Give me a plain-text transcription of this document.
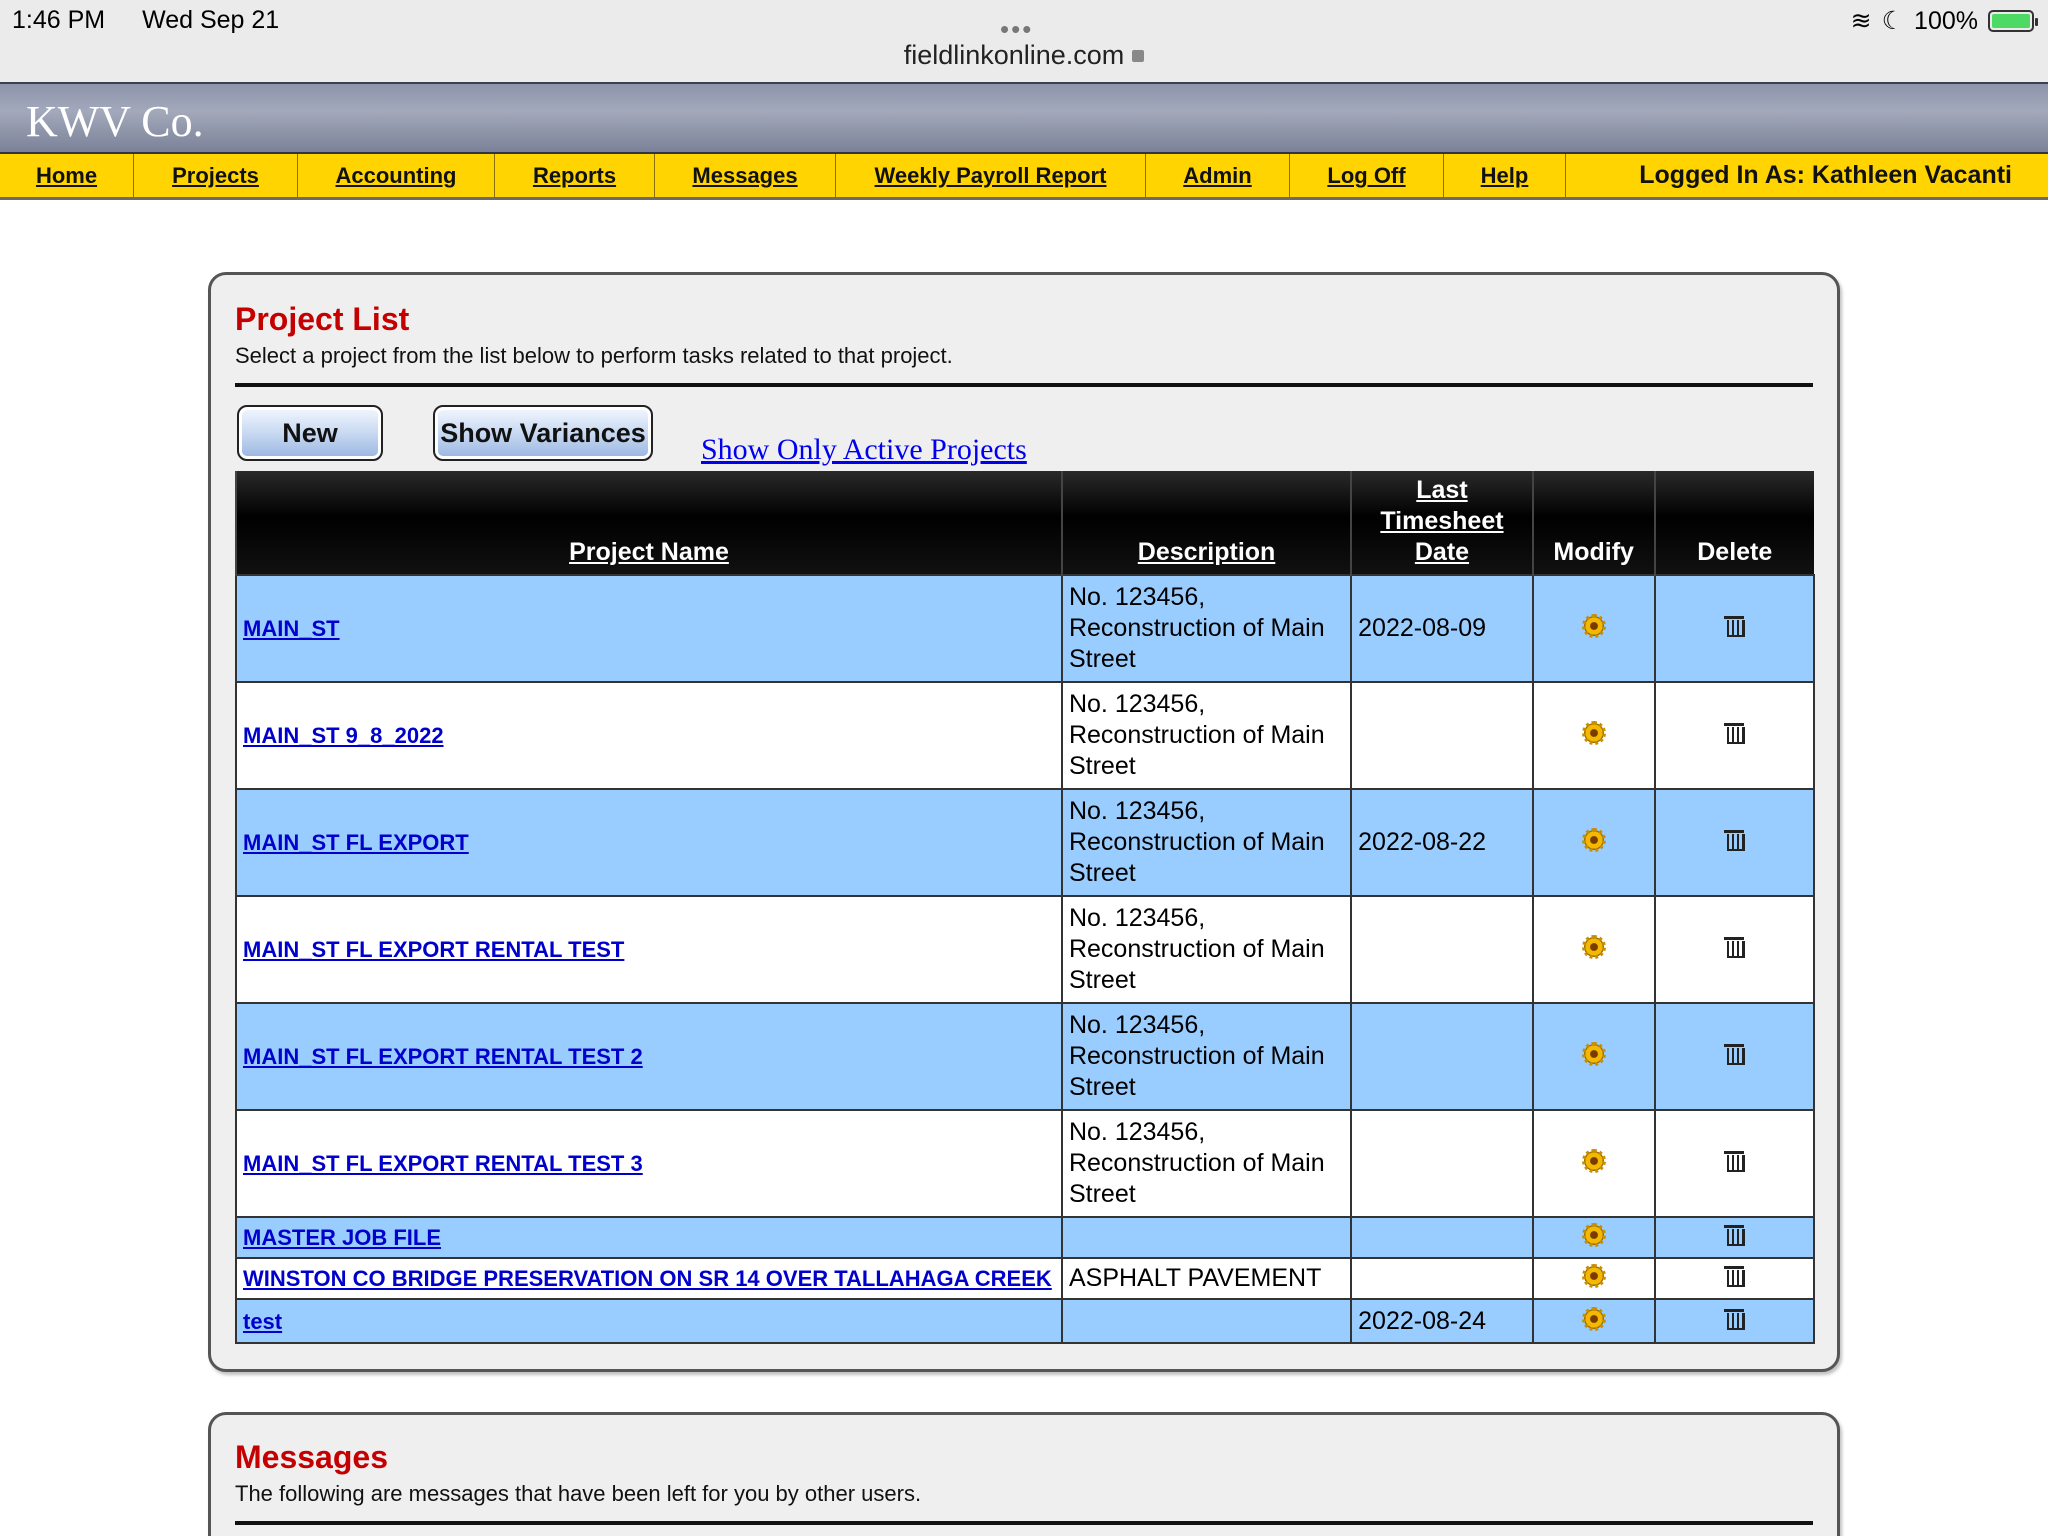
1:46 PM Wed Sep 21	•••
fieldlinkonline.com
≋ ☾ 100%
KWV Co.
Home	Projects	Accounting	Reports	Messages	Weekly Payroll Report	Admin	Log Off	Help	Logged In As: Kathleen Vacanti
Project List
Select a project from the list below to perform tasks related to that project.
New	Show Variances
Show Only Active Projects
Project Name	Description	Last
Timesheet
Date	Modify	Delete
MAIN_ST	No. 123456,
Reconstruction of Main
Street	2022-08-09		
MAIN_ST 9_8_2022	No. 123456,
Reconstruction of Main
Street			
MAIN_ST FL EXPORT	No. 123456,
Reconstruction of Main
Street	2022-08-22		
MAIN_ST FL EXPORT RENTAL TEST	No. 123456,
Reconstruction of Main
Street			
MAIN_ST FL EXPORT RENTAL TEST 2	No. 123456,
Reconstruction of Main
Street			
MAIN_ST FL EXPORT RENTAL TEST 3	No. 123456,
Reconstruction of Main
Street			
MASTER JOB FILE				
WINSTON CO BRIDGE PRESERVATION ON SR 14 OVER TALLAHAGA CREEK	ASPHALT PAVEMENT			
test		2022-08-24		
Messages
The following are messages that have been left for you by other users.
